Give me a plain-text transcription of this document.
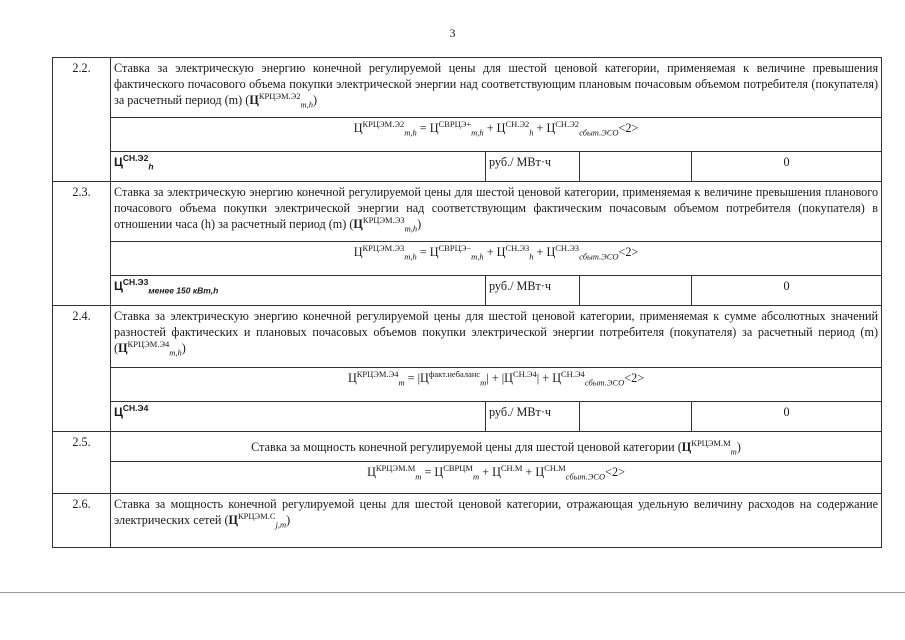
3
2.2.	Ставка за электрическую энергию конечной регулируемой цены для шестой ценовой категории, применяемая к величине превышения фактического почасового объема покупки электрической энергии над соответствующим плановым почасовым объемом потребителя (покупателя) за расчетный период (m) $(Ц^{КРЦЭМ.Э2}_{m,h})$			
	$Ц^{КРЦЭМ.Э2}_{m,h} = Ц^{СВРЦЭ+}_{m,h} + Ц^{СН.Э2}_h + Ц^{СН.Э2}_{сбыт.ЭСО}<2>$			
	$Ц^{СН.Э2}_h$	руб./ МВт·ч		0
2.3.	Ставка за электрическую энергию конечной регулируемой цены для шестой ценовой категории, применяемая к величине превышения планового почасового объема покупки электрической энергии над соответствующим фактическим почасовым объемом потребителя (покупателя) в отношении часа (h) за расчетный период (m) $(Ц^{КРЦЭМ.Э3}_{m,h})$			
	$Ц^{КРЦЭМ.Э3}_{m,h} = Ц^{СВРЦЭ-}_{m,h} + Ц^{СН.Э3}_h + Ц^{СН.Э3}_{сбыт.ЭСО}<2>$			
	$Ц^{СН.Э3}_{менее 150 кВт,h}$	руб./ МВт·ч		0
2.4.	Ставка за электрическую энергию конечной регулируемой цены для шестой ценовой категории, применяемая к сумме абсолютных значений разностей фактических и плановых почасовых объемов покупки электрической энергии потребителя (покупателя) за расчетный период (m) $(Ц^{КРЦЭМ.Э4}_{m,h})$			
	$Ц^{КРЦЭМ.Э4}_m = |Ц^{факт.небаланс}_m| + |Ц^{СН.Э4}| + Ц^{СН.Э4}_{сбыт.ЭСО}<2>$			
	$Ц^{СН.Э4}$	руб./ МВт·ч		0
2.5.	Ставка за мощность конечной регулируемой цены для шестой ценовой категории $(Ц^{КРЦЭМ.М}_m)$			
	$Ц^{КРЦЭМ.М}_m = Ц^{СВРЦМ}_m + Ц^{СН.М} + Ц^{СН.М}_{сбыт.ЭСО}<2>$			
2.6.	Ставка за мощность конечной регулируемой цены для шестой ценовой категории, отражающая удельную величину расходов на содержание электрических сетей $(Ц^{КРЦЭМ.С}_{j,m})$			
